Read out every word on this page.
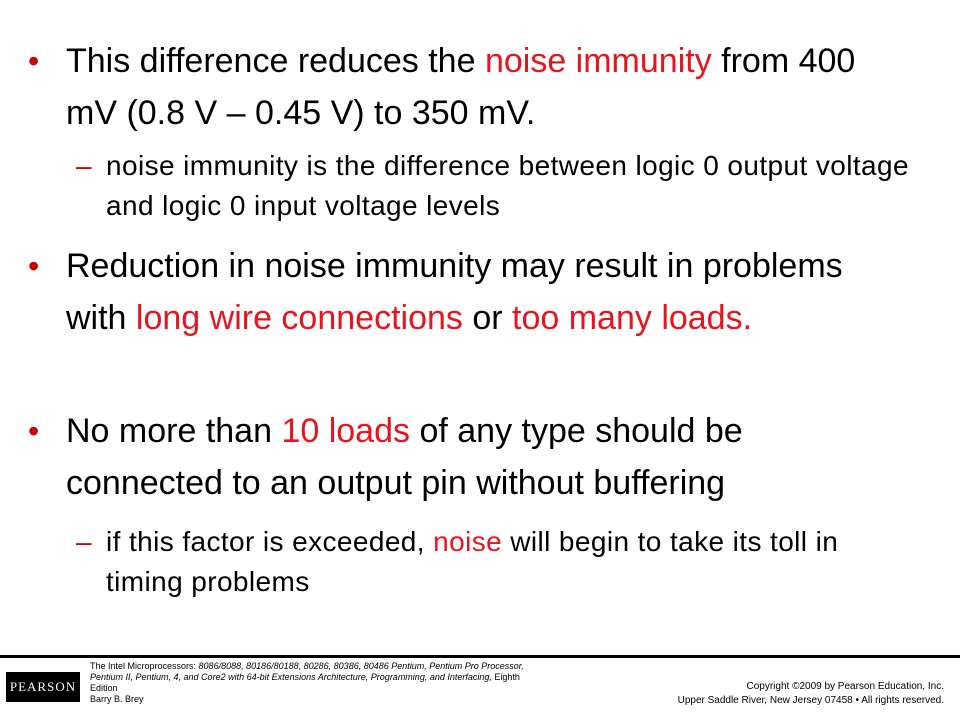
• This difference reduces the noise immunity from 400 mV (0.8 V – 0.45 V) to 350 mV.
– noise immunity is the difference between logic 0 output voltage and logic 0 input voltage levels
• Reduction in noise immunity may result in problems with long wire connections or too many loads.
• No more than 10 loads of any type should be connected to an output pin without buffering
– if this factor is exceeded, noise will begin to take its toll in timing problems
PEARSON
The Intel Microprocessors: 8086/8088, 80186/80188, 80286, 80386, 80486 Pentium, Pentium Pro Processor, Pentium II, Pentium, 4, and Core2 with 64-bit Extensions Architecture, Programming, and Interfacing, Eighth Edition
Barry B. Brey
Copyright ©2009 by Pearson Education, Inc.
Upper Saddle River, New Jersey 07458 • All rights reserved.
